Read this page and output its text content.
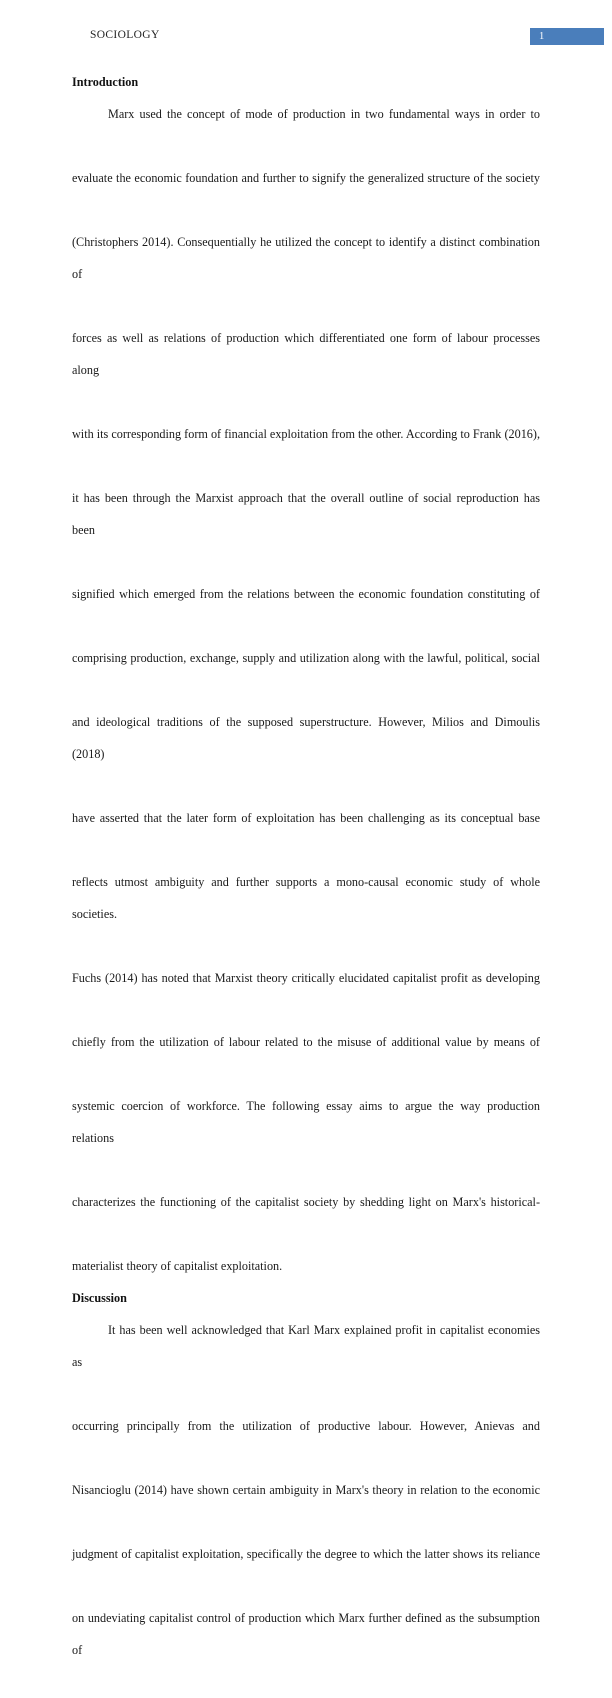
SOCIOLOGY	1
Introduction
Marx used the concept of mode of production in two fundamental ways in order to
evaluate the economic foundation and further to signify the generalized structure of the society
(Christophers 2014). Consequentially he utilized the concept to identify a distinct combination of
forces as well as relations of production which differentiated one form of labour processes along
with its corresponding form of financial exploitation from the other. According to Frank (2016),
it has been through the Marxist approach that the overall outline of social reproduction has been
signified which emerged from the relations between the economic foundation constituting of
comprising production, exchange, supply and utilization along with the lawful, political, social
and ideological traditions of the supposed superstructure. However, Milios and Dimoulis (2018)
have asserted that the later form of exploitation has been challenging as its conceptual base
reflects utmost ambiguity and further supports a mono-causal economic study of whole societies.
Fuchs (2014) has noted that Marxist theory critically elucidated capitalist profit as developing
chiefly from the utilization of labour related to the misuse of additional value by means of
systemic coercion of workforce. The following essay aims to argue the way production relations
characterizes the functioning of the capitalist society by shedding light on Marx's historical-
materialist theory of capitalist exploitation.
Discussion
It has been well acknowledged that Karl Marx explained profit in capitalist economies as
occurring principally from the utilization of productive labour. However, Anievas and
Nisancioglu (2014) have shown certain ambiguity in Marx's theory in relation to the economic
judgment of capitalist exploitation, specifically the degree to which the latter shows its reliance
on undeviating capitalist control of production which Marx further defined as the subsumption of
